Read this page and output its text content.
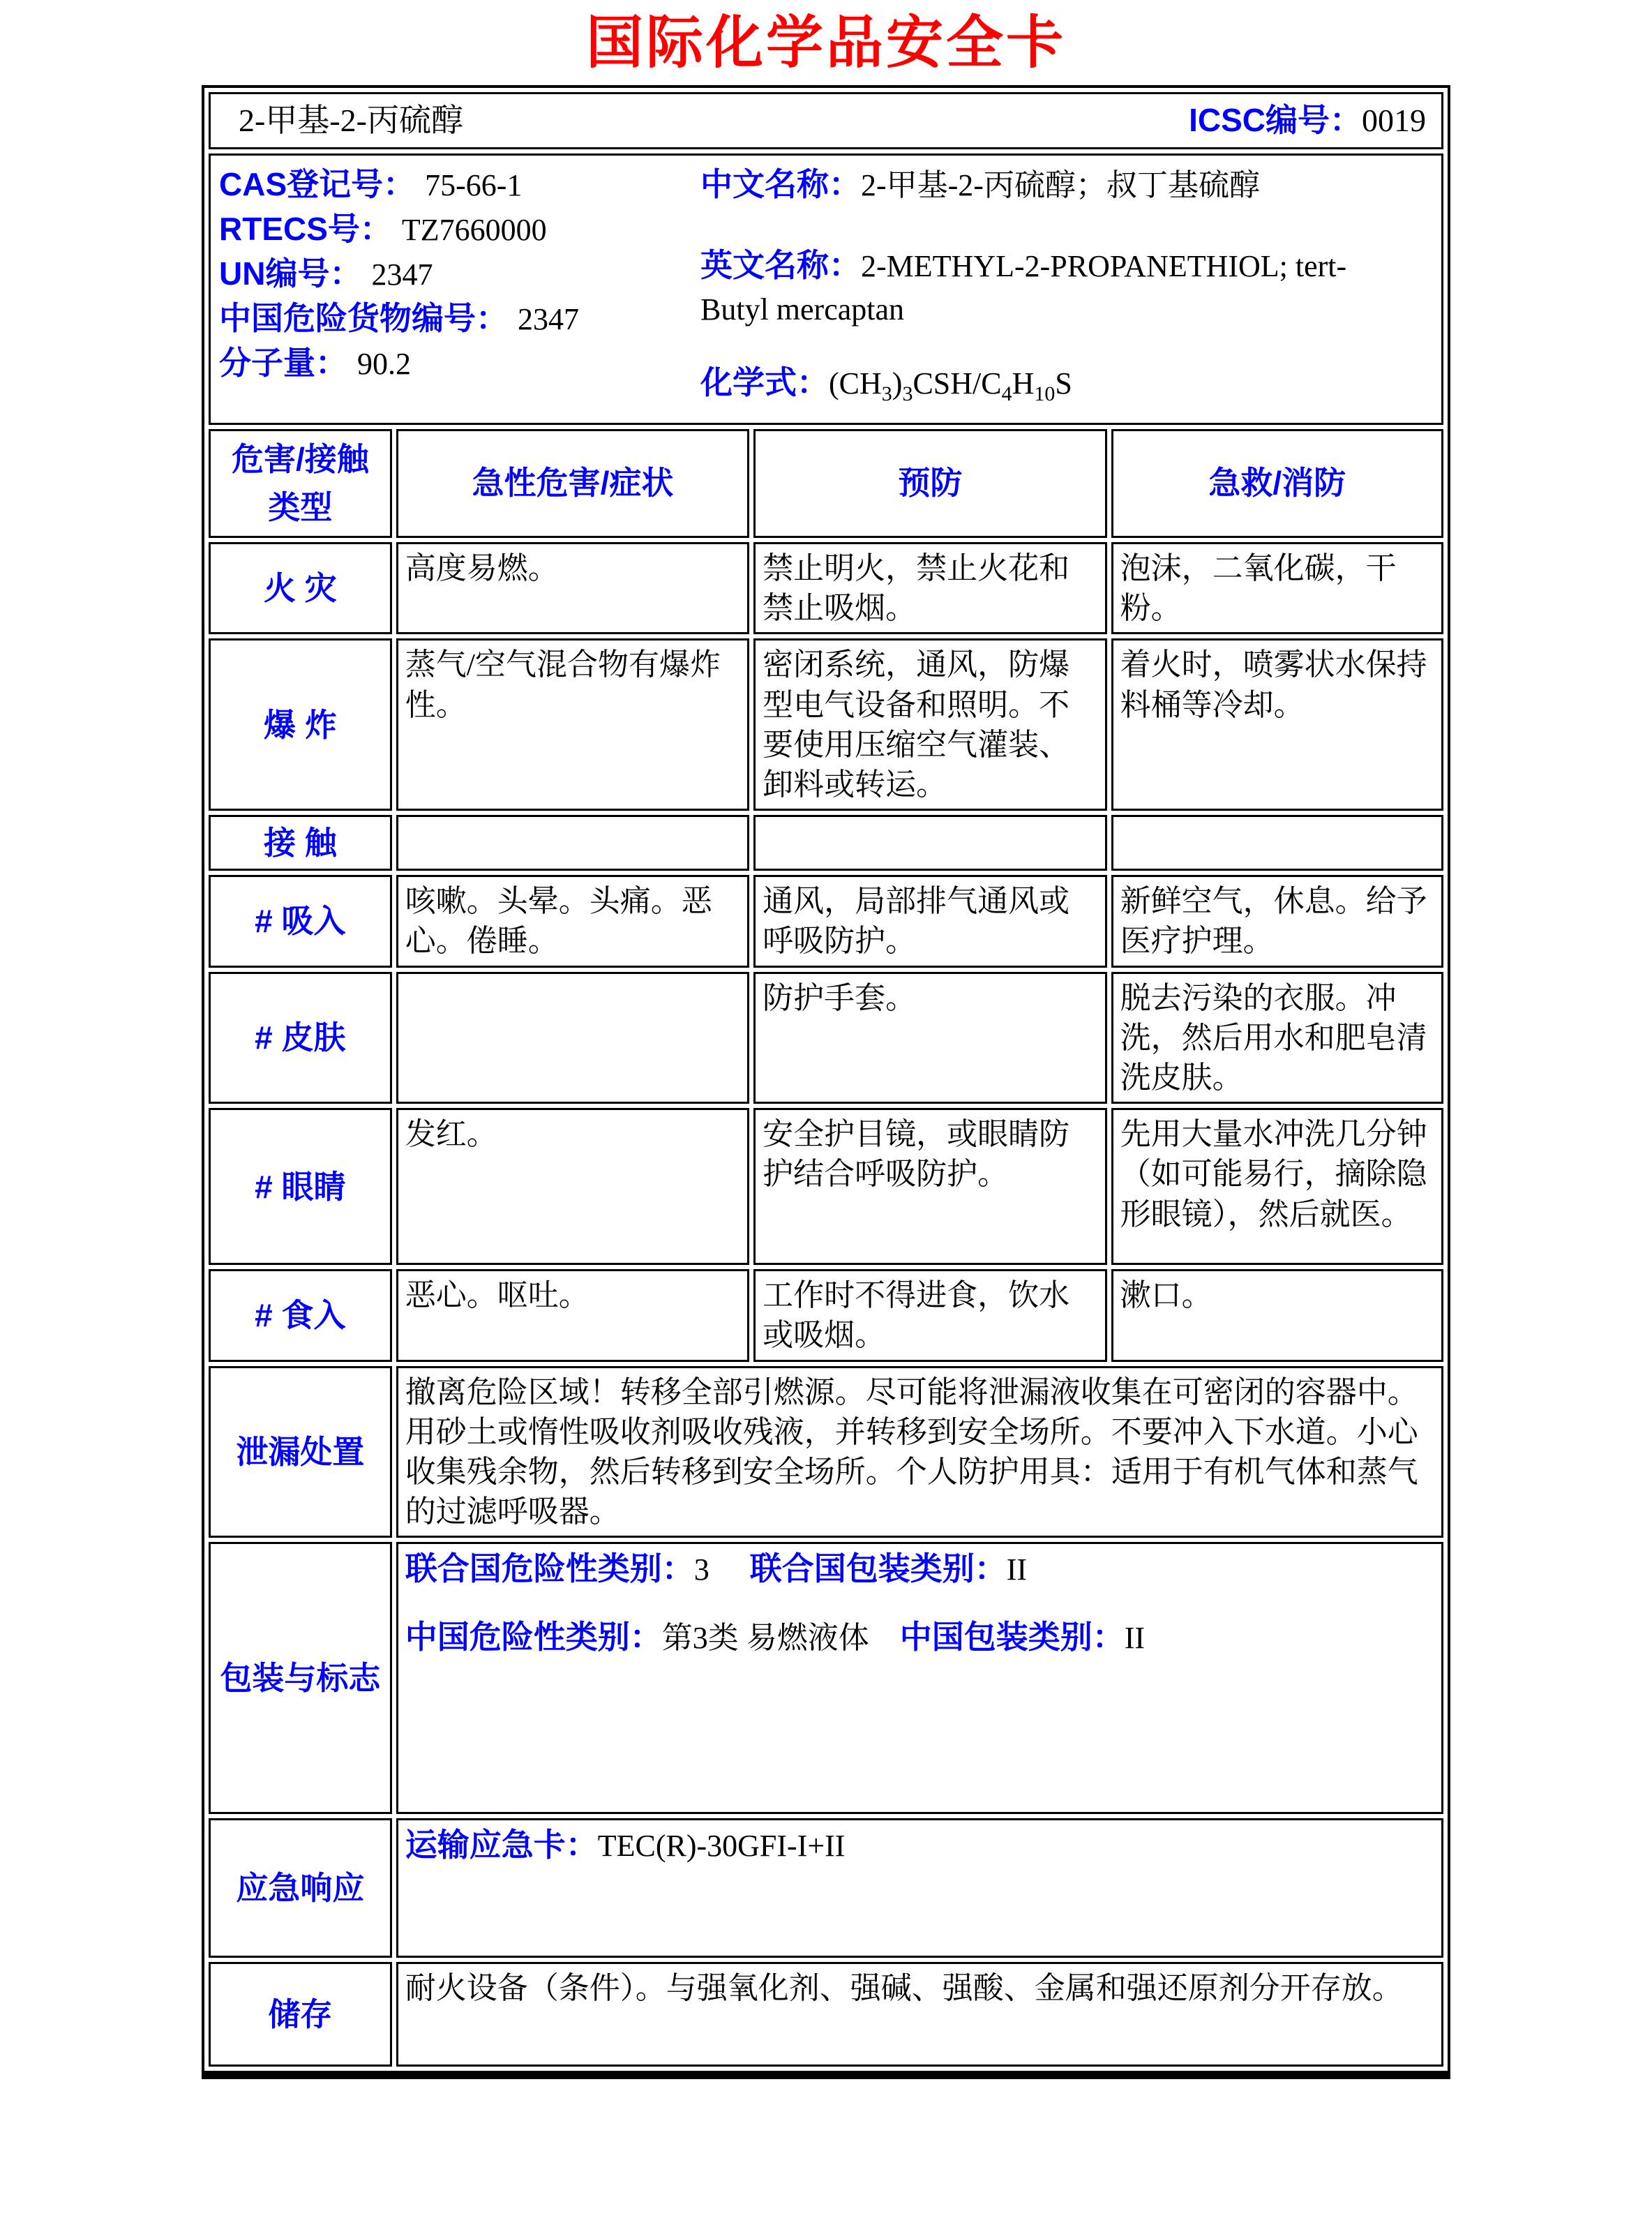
国际化学品安全卡
2-甲基-2-丙硫醇 ICSC编号：0019			

CAS登记号： 75-66-1
RTECS号： TZ7660000
UN编号： 2347
中国危险货物编号： 2347
分子量： 90.2
中文名称：2-甲基-2-丙硫醇；叔丁基硫醇
英文名称：2-METHYL-2-PROPANETHIOL; tert-Butyl mercaptan
化学式：$(CH_3)_3CSH/C_4H_{10}S$

危害/接触类型	急性危害/症状	预防	急救/消防
火 灾	高度易燃。	禁止明火，禁止火花和禁止吸烟。	泡沫，二氧化碳，干粉。
爆 炸	蒸气/空气混合物有爆炸性。	密闭系统，通风，防爆型电气设备和照明。不要使用压缩空气灌装、卸料或转运。	着火时，喷雾状水保持料桶等冷却。
接 触			
# 吸入	咳嗽。头晕。头痛。恶心。倦睡。	通风，局部排气通风或呼吸防护。	新鲜空气，休息。给予医疗护理。
# 皮肤		防护手套。	脱去污染的衣服。冲洗，然后用水和肥皂清洗皮肤。
# 眼睛	发红。	安全护目镜，或眼睛防护结合呼吸防护。	先用大量水冲洗几分钟（如可能易行，摘除隐形眼镜），然后就医。
# 食入	恶心。呕吐。	工作时不得进食，饮水或吸烟。	漱口。
泄漏处置	撤离危险区域！转移全部引燃源。尽可能将泄漏液收集在可密闭的容器中。用砂土或惰性吸收剂吸收残液，并转移到安全场所。不要冲入下水道。小心收集残余物，然后转移到安全场所。个人防护用具：适用于有机气体和蒸气的过滤呼吸器。		
包装与标志	联合国危险性类别：3 联合国包装类别：II
中国危险性类别：第3类 易燃液体 中国包装类别：II		

应急响应	运输应急卡：TEC(R)-30GFI-I+II		

储存	耐火设备（条件）。与强氧化剂、强碱、强酸、金属和强还原剂分开存放。		
